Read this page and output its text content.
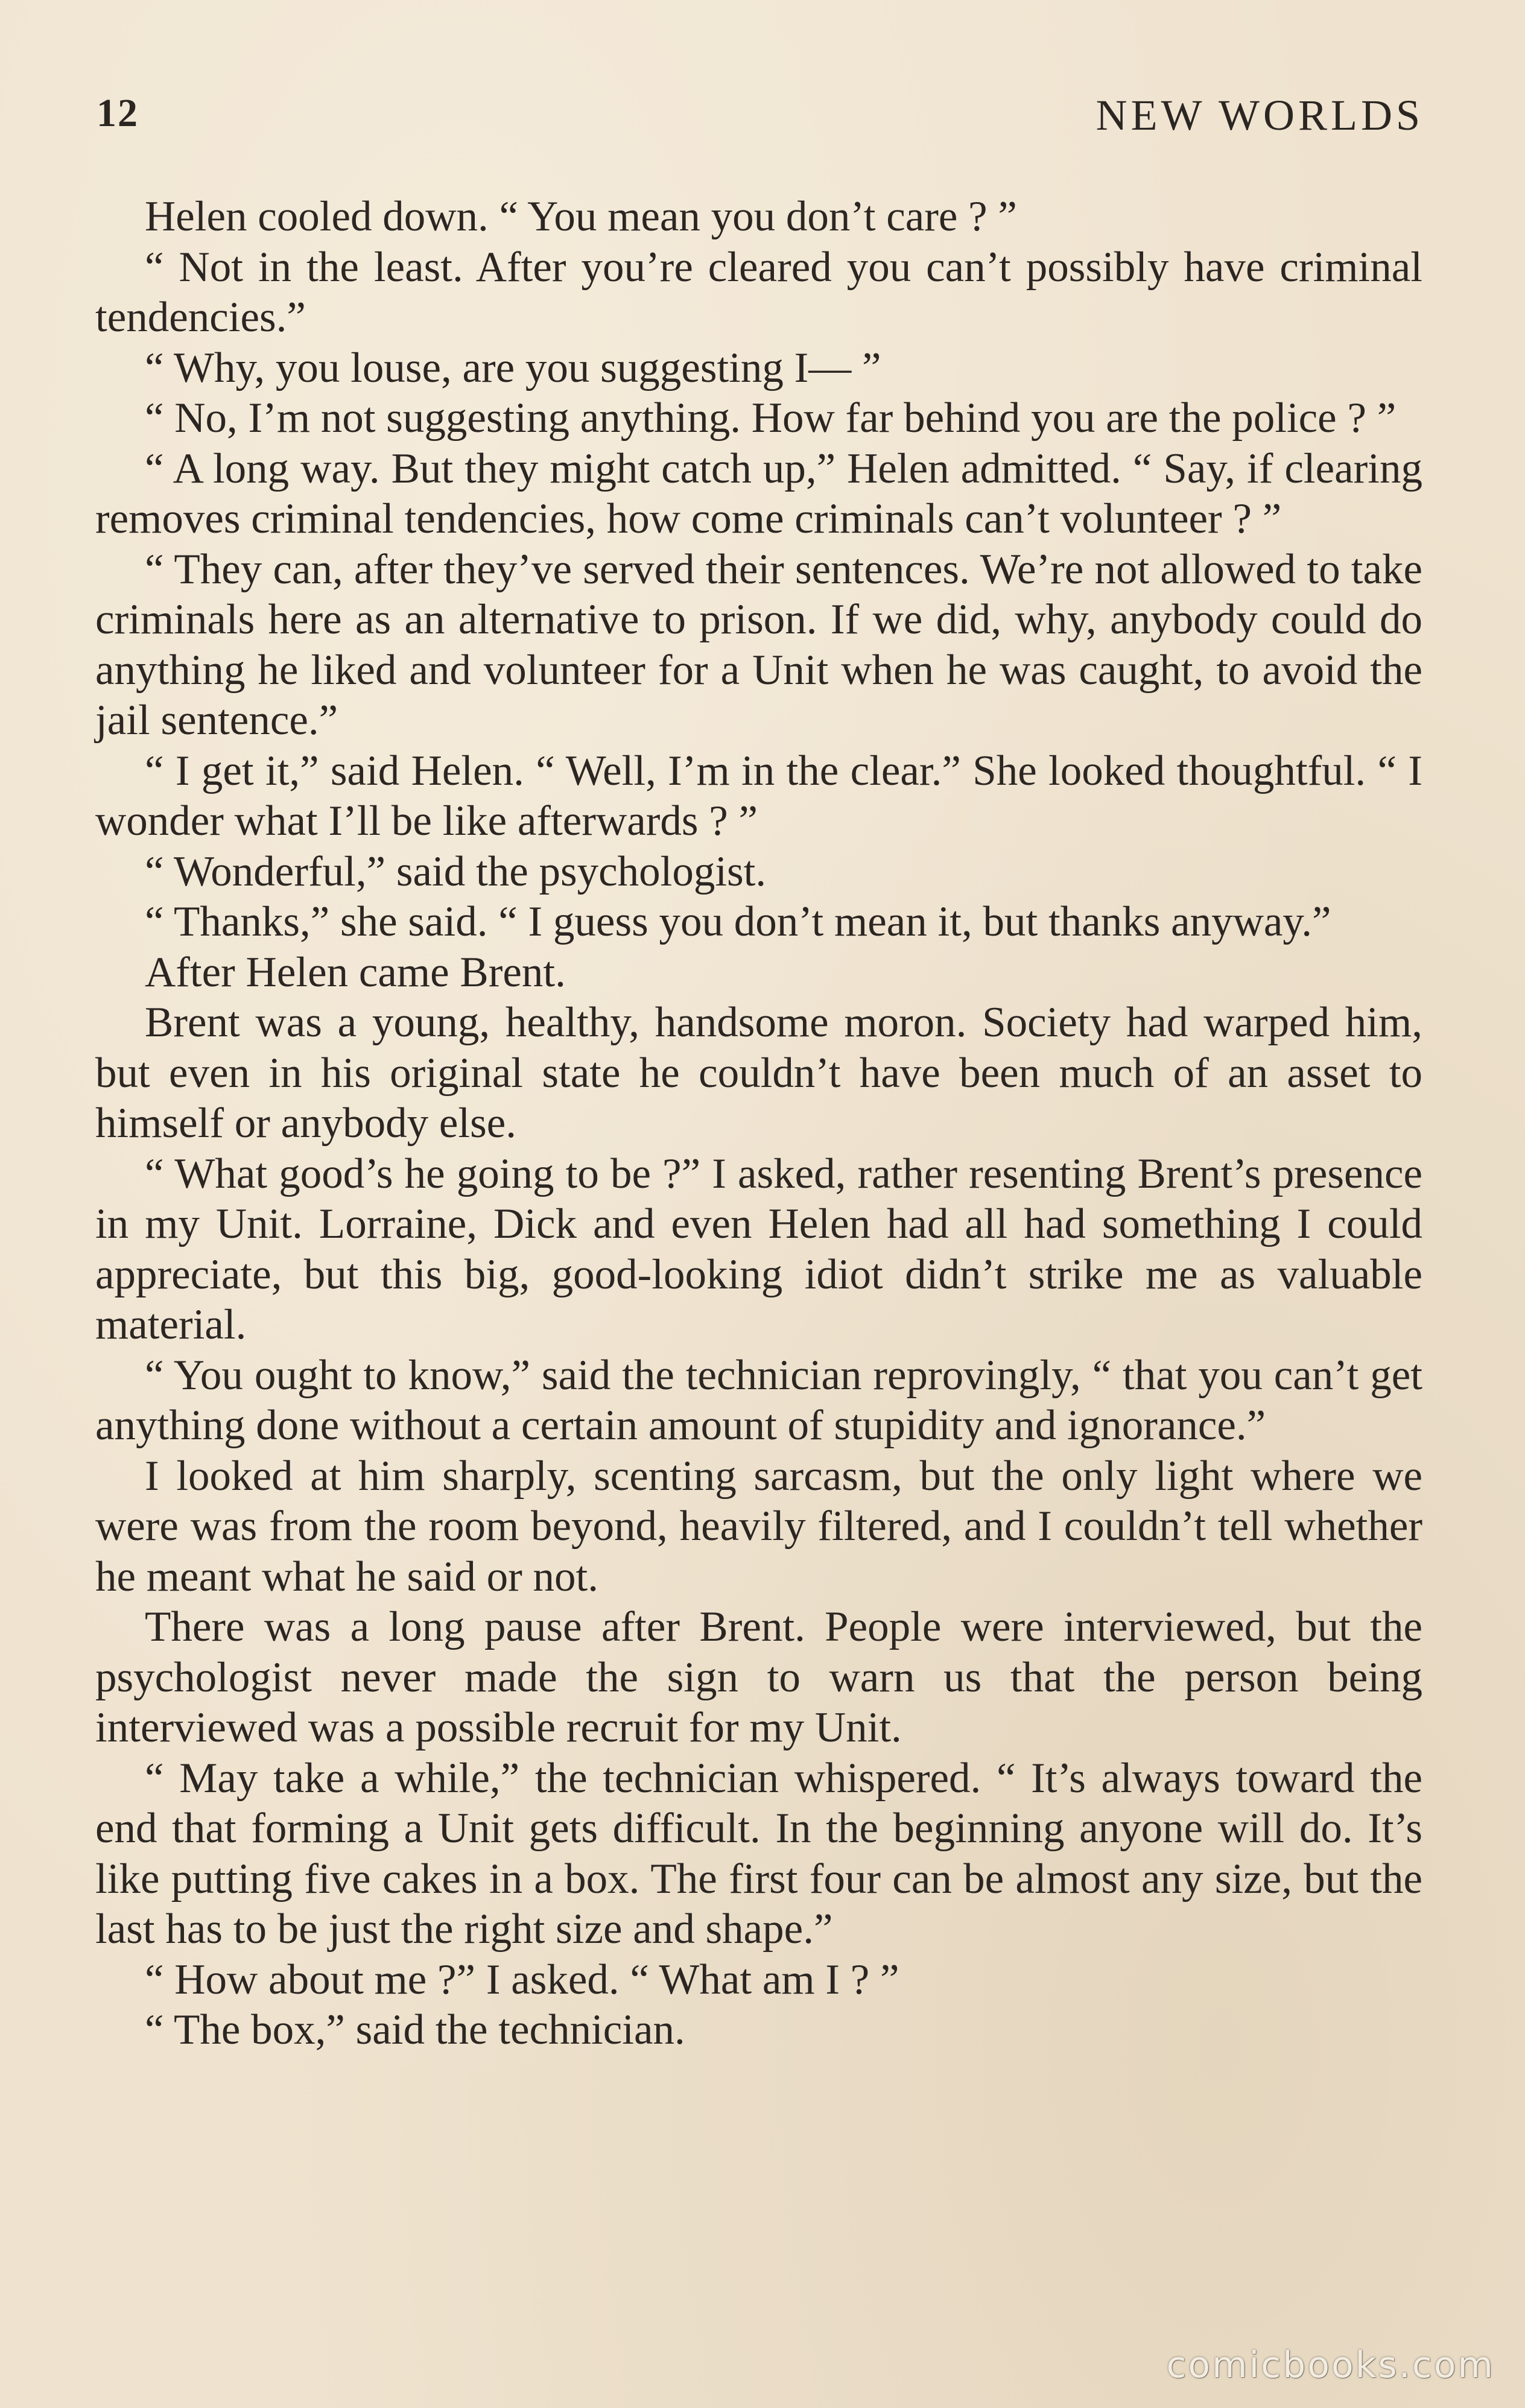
12	NEW WORLDS

Helen cooled down. “ You mean you don’t care ? ”

“ Not in the least. After you’re cleared you can’t possibly have criminal tendencies.”

“ Why, you louse, are you suggesting I— ”

“ No, I’m not suggesting anything. How far behind you are the police ? ”

“ A long way. But they might catch up,” Helen admitted. “ Say, if clearing removes criminal tendencies, how come criminals can’t volunteer ? ”

“ They can, after they’ve served their sentences. We’re not allowed to take criminals here as an alternative to prison. If we did, why, anybody could do anything he liked and volunteer for a Unit when he was caught, to avoid the jail sentence.”

“ I get it,” said Helen. “ Well, I’m in the clear.” She looked thoughtful. “ I wonder what I’ll be like afterwards ? ”

“ Wonderful,” said the psychologist.

“ Thanks,” she said. “ I guess you don’t mean it, but thanks anyway.”

After Helen came Brent.

Brent was a young, healthy, handsome moron. Society had warped him, but even in his original state he couldn’t have been much of an asset to himself or anybody else.

“ What good’s he going to be ?” I asked, rather resenting Brent’s presence in my Unit. Lorraine, Dick and even Helen had all had something I could appreciate, but this big, good-looking idiot didn’t strike me as valuable material.

“ You ought to know,” said the technician reprovingly, “ that you can’t get anything done without a certain amount of stupidity and ignorance.”

I looked at him sharply, scenting sarcasm, but the only light where we were was from the room beyond, heavily filtered, and I couldn’t tell whether he meant what he said or not.

There was a long pause after Brent. People were interviewed, but the psychologist never made the sign to warn us that the person being interviewed was a possible recruit for my Unit.

“ May take a while,” the technician whispered. “ It’s always toward the end that forming a Unit gets difficult. In the beginning anyone will do. It’s like putting five cakes in a box. The first four can be almost any size, but the last has to be just the right size and shape.”

“ How about me ?” I asked. “ What am I ? ”

“ The box,” said the technician.

comicbooks.com
